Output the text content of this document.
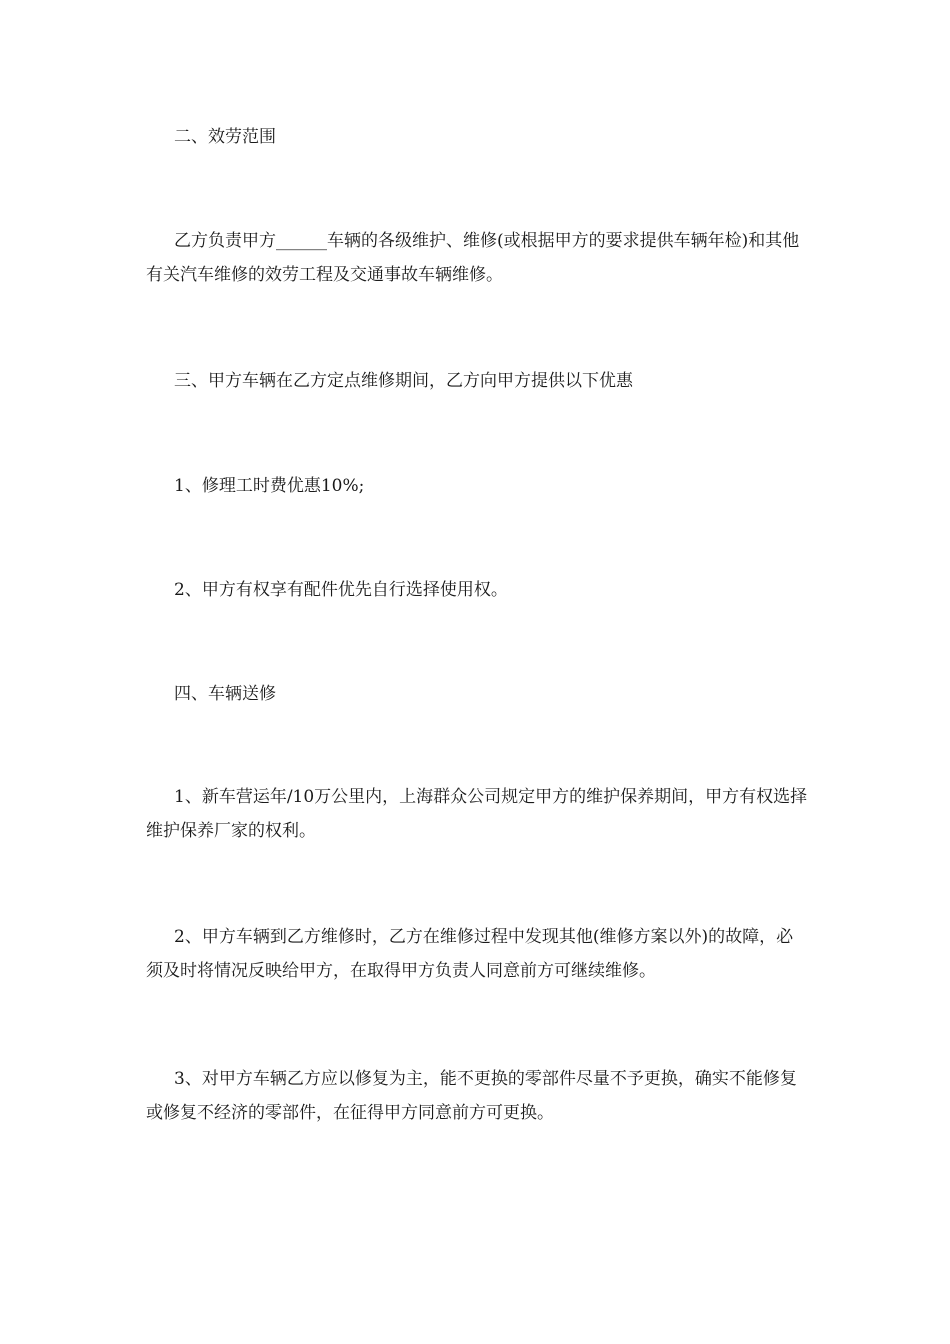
二、效劳范围

乙方负责甲方______车辆的各级维护、维修(或根据甲方的要求提供车辆年检)和其他有关汽车维修的效劳工程及交通事故车辆维修。

三、甲方车辆在乙方定点维修期间，乙方向甲方提供以下优惠

1、修理工时费优惠10%;

2、甲方有权享有配件优先自行选择使用权。

四、车辆送修

1、新车营运年/10万公里内，上海群众公司规定甲方的维护保养期间，甲方有权选择维护保养厂家的权利。

2、甲方车辆到乙方维修时，乙方在维修过程中发现其他(维修方案以外)的故障，必须及时将情况反映给甲方，在取得甲方负责人同意前方可继续维修。

3、对甲方车辆乙方应以修复为主，能不更换的零部件尽量不予更换，确实不能修复或修复不经济的零部件，在征得甲方同意前方可更换。
